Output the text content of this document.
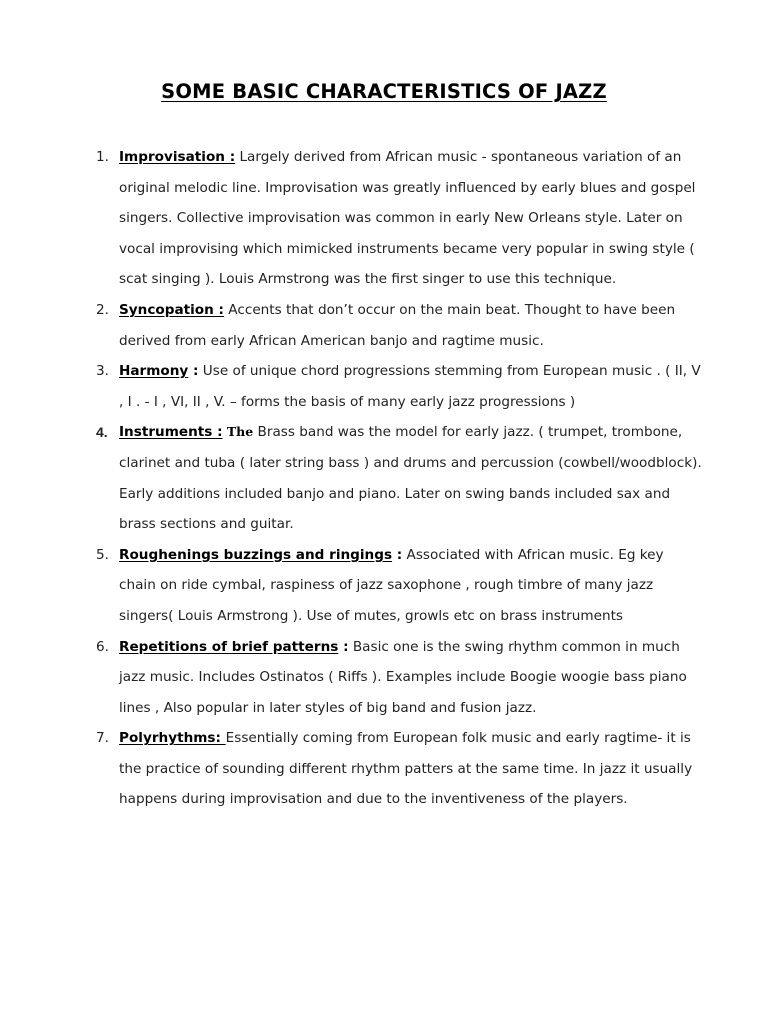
SOME BASIC CHARACTERISTICS OF JAZZ
1. Improvisation : Largely derived from African music - spontaneous variation of an original melodic line. Improvisation was greatly influenced by early blues and gospel singers. Collective improvisation was common in early New Orleans style. Later on vocal improvising which mimicked instruments became very popular in swing style ( scat singing ). Louis Armstrong was the first singer to use this technique.
2. Syncopation : Accents that don’t occur on the main beat. Thought to have been derived from early African American banjo and ragtime music.
3. Harmony : Use of unique chord progressions stemming from European music . ( II, V , I . - I , VI, II , V. – forms the basis of many early jazz progressions )
4. Instruments : The Brass band was the model for early jazz. ( trumpet, trombone, clarinet and tuba ( later string bass ) and drums and percussion (cowbell/woodblock). Early additions included banjo and piano. Later on swing bands included sax and brass sections and guitar.
5. Roughenings buzzings and ringings : Associated with African music. Eg key chain on ride cymbal, raspiness of jazz saxophone , rough timbre of many jazz singers( Louis Armstrong ). Use of mutes, growls etc on brass instruments
6. Repetitions of brief patterns : Basic one is the swing rhythm common in much jazz music. Includes Ostinatos ( Riffs ). Examples include Boogie woogie bass piano lines , Also popular in later styles of big band and fusion jazz.
7. Polyrhythms: Essentially coming from European folk music and early ragtime- it is the practice of sounding different rhythm patters at the same time. In jazz it usually happens during improvisation and due to the inventiveness of the players.
